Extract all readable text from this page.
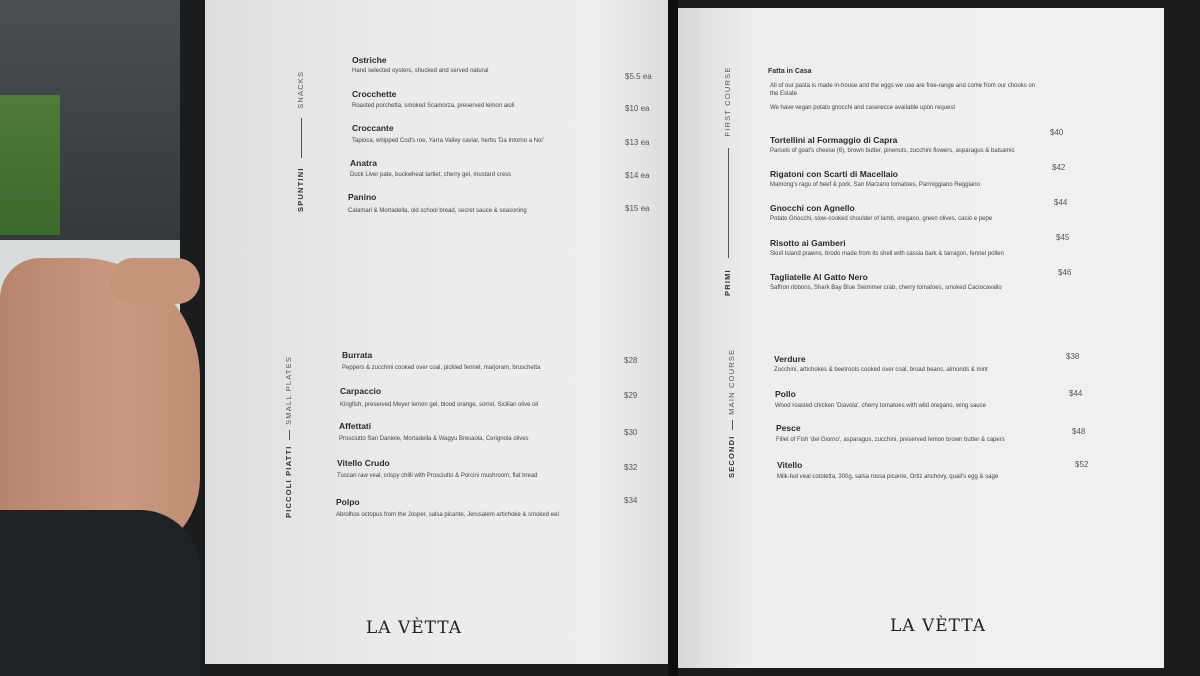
SPUNTINI  SNACKS
Ostriche
Hand selected oysters, shucked and served natural
$5.5 ea
Crocchette
Roasted porchetta, smoked Scamorza, preserved lemon aioli	$10 ea
Croccante
Tapioca, whipped Cod's roe, Yarra Valley caviar, herbs 'Da Intorno a Noi'	$13 ea
Anatra
Duck Liver pate, buckwheat tartlet, cherry gel, mustard cress	$14 ea
Panino
Calamari & Mortadella, old school bread, secret sauce & seasoning	$15 ea
PICCOLI PIATTI  SMALL PLATES
Burrata
Peppers & zucchini cooked over coal, pickled fennel, marjoram, bruschetta
$28
Carpaccio
Kingfish, preserved Meyer lemon gel, blood orange, sorrel, Sicilian olive oil
$29
Affettati
Prosciutto San Daniele, Mortadella & Wagyu Bresaola, Cerignola olives
$30
Vitello Crudo
Tuscan raw veal, crispy chilli with Prosciutto & Porcini mushroom, flat bread
$32
Polpo
Abrolhos octopus from the Josper, salsa picante, Jerusalem artichoke & smoked eel
$34
LA VÈTTA
Fatta in Casa
All of our pasta is made in-house and the eggs we use are free-range and come from our chooks on the Estate
We have vegan potato gnocchi and caserecce available upon request
PRIMI  FIRST COURSE
Tortellini al Formaggio di Capra
Parcels of goat's cheese (6), brown butter, pinenuts, zucchini flowers, asparagus & balsamic
$40
Rigatoni con Scarti di Macellaio
Mamong's ragu of beef & pork, San Marzano tomatoes, Parmiggiano Reggiano
$42
Gnocchi con Agnello
Potato Gnocchi, slow-cooked shoulder of lamb, oregano, green olives, cacio e pepe
$44
Risotto ai Gamberi
Skull Island prawns, brodo made from its shell with cassia bark & tarragon, fennel pollen
$45
Tagliatelle Al Gatto Nero
Saffron ribbons, Shark Bay Blue Swimmer crab, cherry tomatoes, smoked Caciocavallo
$46
SECONDI  MAIN COURSE	Verdure
Zucchini, artichokes & beetroots cooked over coal, broad beans, almonds & mint
$38
Pollo
Wood roasted chicken 'Diavola', cherry tomatoes with wild oregano, wing sauce
$44
Pesce
Fillet of Fish 'del Giorno', asparagus, zucchini, preserved lemon brown butter & capers
$48
Vitello
Milk-fed veal cotoletta, 300g, salsa rossa picante, Ortiz anchovy, quail's egg & sage
$52
LA VÈTTA
